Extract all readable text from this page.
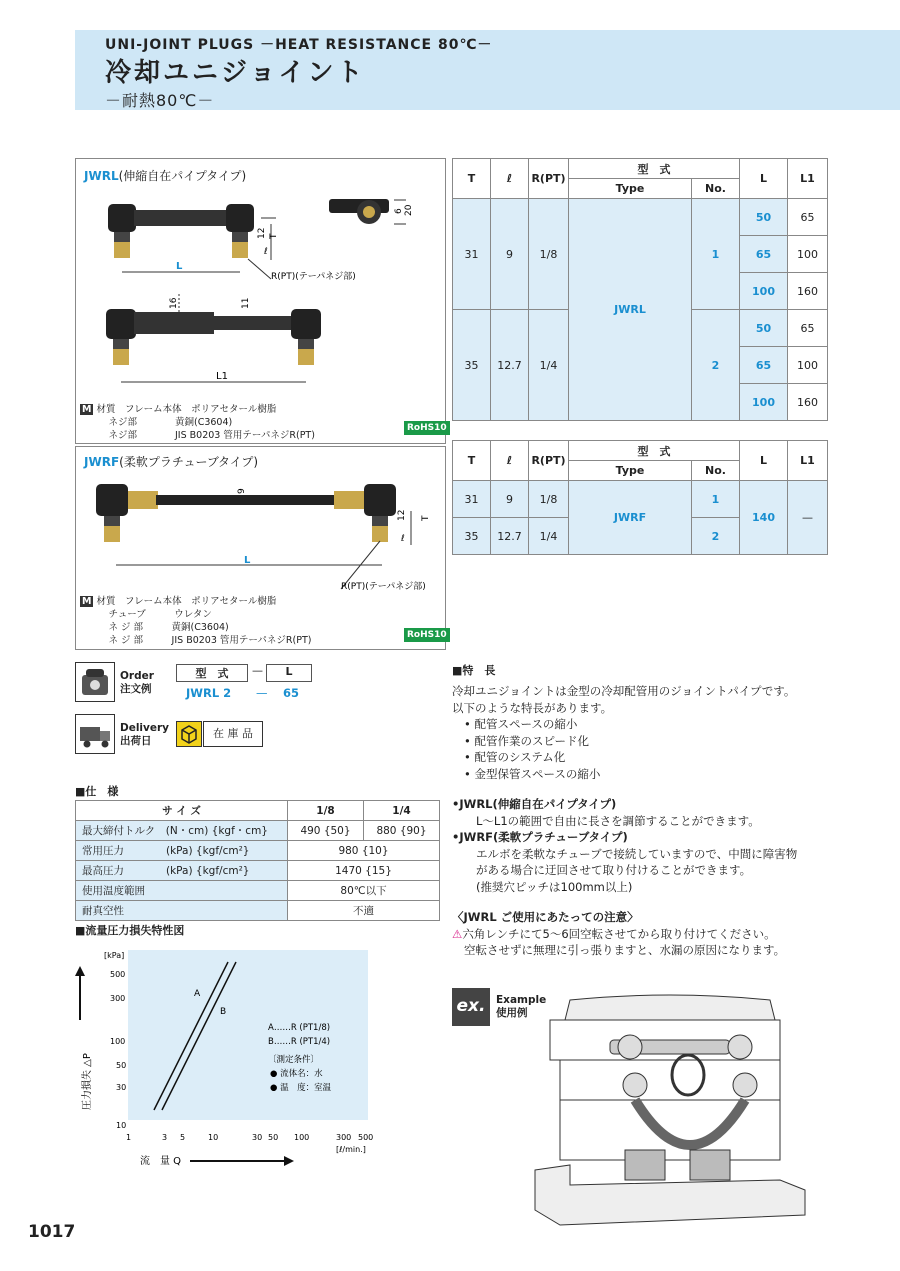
UNI-JOINT PLUGS －HEAT RESISTANCE 80℃－
冷却ユニジョイント
－耐熱80℃－
JWRL(伸縮自在パイプタイプ)
L
12 T
ℓ
R(PT)(テーパネジ部)
6 20
16	11
L1
M 材質　フレーム本体　ポリアセタール樹脂
　　　ネジ部　　　　黄銅(C3604)
　　　ネジ部　　　　JIS B0203 管用テーパネジR(PT)
RoHS10
JWRF(柔軟プラチューブタイプ)
9
L
12 T
ℓ
R(PT)(テーパネジ部)
M 材質　フレーム本体　ポリアセタール樹脂
　　　チューブ　　　ウレタン
　　　ネ ジ 部　　　黄銅(C3604)
　　　ネ ジ 部　　　JIS B0203 管用テーパネジR(PT)	RoHS10
T	ℓ	R(PT)	型　式		L	L1
			Type	No.		
31	9	1/8	JWRL	1	50	65
					65	100
					100	160
35	12.7	1/4		2	50	65
					65	100
					100	160
T	ℓ	R(PT)	型　式		L	L1
			Type	No.		
31	9	1/8	JWRF	1	140	—
35	12.7	1/4		2		
Order
注文例
型　式	—	L
JWRL 2 — 65
Delivery
出荷日
在 庫 品
■仕　様
サ イ ズ	1/8	1/4
最大締付トルク　(N・cm) {kgf・cm}	490 {50}	880 {90}
常用圧力　　　　(kPa) {kgf/cm²}	980 {10}	
最高圧力　　　　(kPa) {kgf/cm²}	1470 {15}	
使用温度範囲	80℃以下	
耐真空性	不適	
■流量圧力損失特性図
[kPa]
500
300
100
50
30
10
1	3 5	10	30 50 100	300 500
[ℓ/min.]
A
B
A……R (PT1/8)
B……R (PT1/4)
〔測定条件〕
● 流体名：水
● 温　度：室温
圧力損失 △P
流　量 Q
■特　長
冷却ユニジョイントは金型の冷却配管用のジョイントパイプです。
以下のような特長があります。
• 配管スペースの縮小
• 配管作業のスピード化
• 配管のシステム化
• 金型保管スペースの縮小
•JWRL(伸縮自在パイプタイプ)
L～L1の範囲で自由に長さを調節することができます。
•JWRF(柔軟プラチューブタイプ)
エルボを柔軟なチューブで接続していますので、中間に障害物
がある場合に迂回させて取り付けることができます。
(推奨穴ピッチは100mm以上)
〈JWRL ご使用にあたっての注意〉
⚠六角レンチにて5～6回空転させてから取り付けてください。
空転させずに無理に引っ張りますと、水漏の原因になります。
ex.	Example
使用例
1017
